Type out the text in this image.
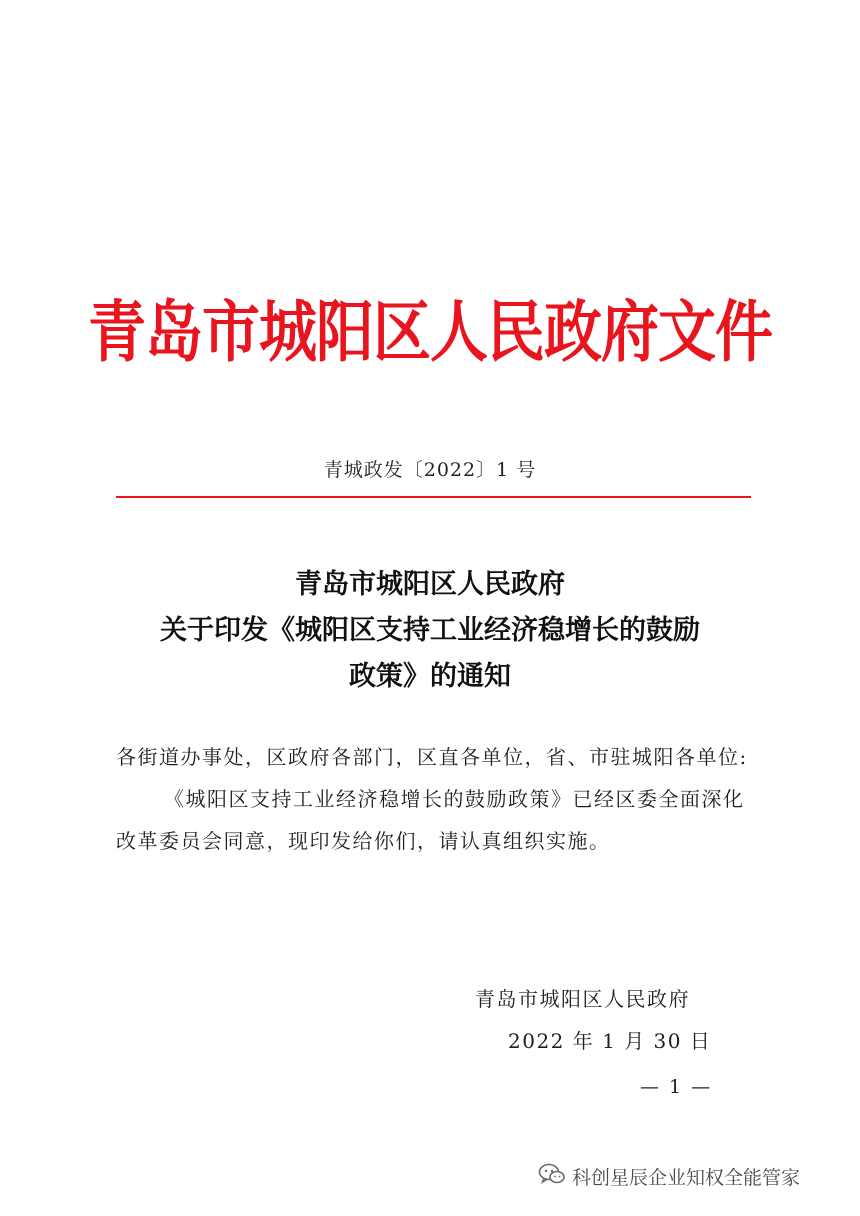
青岛市城阳区人民政府文件
青城政发〔2022〕1 号
青岛市城阳区人民政府
关于印发《城阳区支持工业经济稳增长的鼓励
政策》的通知

各街道办事处，区政府各部门，区直各单位，省、市驻城阳各单位:

《城阳区支持工业经济稳增长的鼓励政策》已经区委全面深化改革委员会同意，现印发给你们，请认真组织实施。

青岛市城阳区人民政府
2022 年 1 月 30 日
— 1 —
科创星辰企业知权全能管家
